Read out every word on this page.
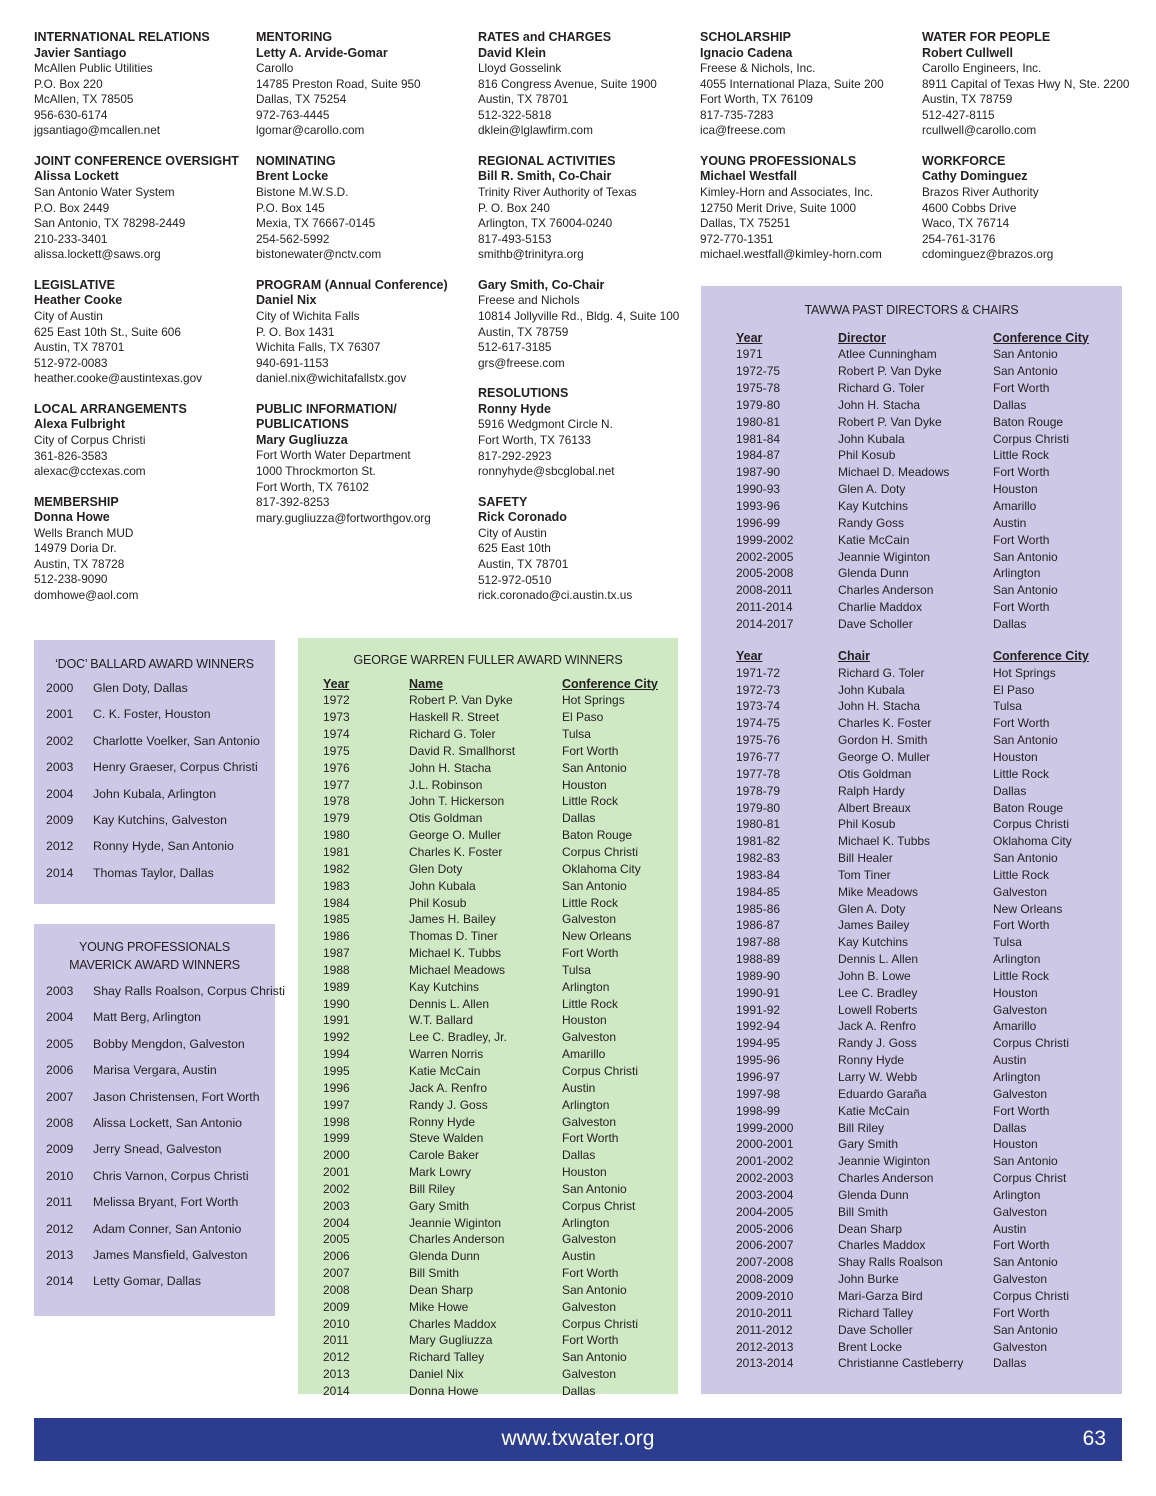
INTERNATIONAL RELATIONS
Javier Santiago
McAllen Public Utilities
P.O. Box 220
McAllen, TX 78505
956-630-6174
jgsantiago@mcallen.net
JOINT CONFERENCE OVERSIGHT
Alissa Lockett
San Antonio Water System
P.O. Box 2449
San Antonio, TX 78298-2449
210-233-3401
alissa.lockett@saws.org
LEGISLATIVE
Heather Cooke
City of Austin
625 East 10th St., Suite 606
Austin, TX 78701
512-972-0083
heather.cooke@austintexas.gov
LOCAL ARRANGEMENTS
Alexa Fulbright
City of Corpus Christi
361-826-3583
alexac@cctexas.com
MEMBERSHIP
Donna Howe
Wells Branch MUD
14979 Doria Dr.
Austin, TX 78728
512-238-9090
domhowe@aol.com
MENTORING
Letty A. Arvide-Gomar
Carollo
14785 Preston Road, Suite 950
Dallas, TX 75254
972-763-4445
lgomar@carollo.com
NOMINATING
Brent Locke
Bistone M.W.S.D.
P.O. Box 145
Mexia, TX 76667-0145
254-562-5992
bistonewater@nctv.com
PROGRAM (Annual Conference)
Daniel Nix
City of Wichita Falls
P. O. Box 1431
Wichita Falls, TX 76307
940-691-1153
daniel.nix@wichitafallstx.gov
PUBLIC INFORMATION/
PUBLICATIONS
Mary Gugliuzza
Fort Worth Water Department
1000 Throckmorton St.
Fort Worth, TX 76102
817-392-8253
mary.gugliuzza@fortworthgov.org
RATES and CHARGES
David Klein
Lloyd Gosselink
816 Congress Avenue, Suite 1900
Austin, TX 78701
512-322-5818
dklein@lglawfirm.com
REGIONAL ACTIVITIES
Bill R. Smith, Co-Chair
Trinity River Authority of Texas
P. O. Box 240
Arlington, TX 76004-0240
817-493-5153
smithb@trinityra.org
Gary Smith, Co-Chair
Freese and Nichols
10814 Jollyville Rd., Bldg. 4, Suite 100
Austin, TX 78759
512-617-3185
grs@freese.com
RESOLUTIONS
Ronny Hyde
5916 Wedgmont Circle N.
Fort Worth, TX 76133
817-292-2923
ronnyhyde@sbcglobal.net
SAFETY
Rick Coronado
City of Austin
625 East 10th
Austin, TX 78701
512-972-0510
rick.coronado@ci.austin.tx.us
SCHOLARSHIP
Ignacio Cadena
Freese & Nichols, Inc.
4055 International Plaza, Suite 200
Fort Worth, TX 76109
817-735-7283
ica@freese.com
YOUNG PROFESSIONALS
Michael Westfall
Kimley-Horn and Associates, Inc.
12750 Merit Drive, Suite 1000
Dallas, TX 75251
972-770-1351
michael.westfall@kimley-horn.com
WATER FOR PEOPLE
Robert Cullwell
Carollo Engineers, Inc.
8911 Capital of Texas Hwy N, Ste. 2200
Austin, TX 78759
512-427-8115
rcullwell@carollo.com
WORKFORCE
Cathy Dominguez
Brazos River Authority
4600 Cobbs Drive
Waco, TX 76714
254-761-3176
cdominguez@brazos.org
‘DOC’ BALLARD AWARD WINNERS
2000 Glen Doty, Dallas
2001 C. K. Foster, Houston
2002 Charlotte Voelker, San Antonio
2003 Henry Graeser, Corpus Christi
2004 John Kubala, Arlington
2009 Kay Kutchins, Galveston
2012 Ronny Hyde, San Antonio
2014 Thomas Taylor, Dallas
YOUNG PROFESSIONALS
MAVERICK AWARD WINNERS
2003 Shay Ralls Roalson, Corpus Christi
2004 Matt Berg, Arlington
2005 Bobby Mengdon, Galveston
2006 Marisa Vergara, Austin
2007 Jason Christensen, Fort Worth
2008 Alissa Lockett, San Antonio
2009 Jerry Snead, Galveston
2010 Chris Varnon, Corpus Christi
2011 Melissa Bryant, Fort Worth
2012 Adam Conner, San Antonio
2013 James Mansfield, Galveston
2014 Letty Gomar, Dallas
GEORGE WARREN FULLER AWARD WINNERS
Year	Name	Conference City
1972	Robert P. Van Dyke	Hot Springs
1973	Haskell R. Street	El Paso
1974	Richard G. Toler	Tulsa
1975	David R. Smallhorst	Fort Worth
1976	John H. Stacha	San Antonio
1977	J.L. Robinson	Houston
1978	John T. Hickerson	Little Rock
1979	Otis Goldman	Dallas
1980	George O. Muller	Baton Rouge
1981	Charles K. Foster	Corpus Christi
1982	Glen Doty	Oklahoma City
1983	John Kubala	San Antonio
1984	Phil Kosub	Little Rock
1985	James H. Bailey	Galveston
1986	Thomas D. Tiner	New Orleans
1987	Michael K. Tubbs	Fort Worth
1988	Michael Meadows	Tulsa
1989	Kay Kutchins	Arlington
1990	Dennis L. Allen	Little Rock
1991	W.T. Ballard	Houston
1992	Lee C. Bradley, Jr.	Galveston
1994	Warren Norris	Amarillo
1995	Katie McCain	Corpus Christi
1996	Jack A. Renfro	Austin
1997	Randy J. Goss	Arlington
1998	Ronny Hyde	Galveston
1999	Steve Walden	Fort Worth
2000	Carole Baker	Dallas
2001	Mark Lowry	Houston
2002	Bill Riley	San Antonio
2003	Gary Smith	Corpus Christ
2004	Jeannie Wiginton	Arlington
2005	Charles Anderson	Galveston
2006	Glenda Dunn	Austin
2007	Bill Smith	Fort Worth
2008	Dean Sharp	San Antonio
2009	Mike Howe	Galveston
2010	Charles Maddox	Corpus Christi
2011	Mary Gugliuzza	Fort Worth
2012	Richard Talley	San Antonio
2013	Daniel Nix	Galveston
2014	Donna Howe	Dallas
TAWWA PAST DIRECTORS & CHAIRS
Year	Director	Conference City
1971	Atlee Cunningham	San Antonio
1972-75	Robert P. Van Dyke	San Antonio
1975-78	Richard G. Toler	Fort Worth
1979-80	John H. Stacha	Dallas
1980-81	Robert P. Van Dyke	Baton Rouge
1981-84	John Kubala	Corpus Christi
1984-87	Phil Kosub	Little Rock
1987-90	Michael D. Meadows	Fort Worth
1990-93	Glen A. Doty	Houston
1993-96	Kay Kutchins	Amarillo
1996-99	Randy Goss	Austin
1999-2002	Katie McCain	Fort Worth
2002-2005	Jeannie Wiginton	San Antonio
2005-2008	Glenda Dunn	Arlington
2008-2011	Charles Anderson	San Antonio
2011-2014	Charlie Maddox	Fort Worth
2014-2017	Dave Scholler	Dallas
Year	Chair	Conference City
1971-72	Richard G. Toler	Hot Springs
1972-73	John Kubala	El Paso
1973-74	John H. Stacha	Tulsa
1974-75	Charles K. Foster	Fort Worth
1975-76	Gordon H. Smith	San Antonio
1976-77	George O. Muller	Houston
1977-78	Otis Goldman	Little Rock
1978-79	Ralph Hardy	Dallas
1979-80	Albert Breaux	Baton Rouge
1980-81	Phil Kosub	Corpus Christi
1981-82	Michael K. Tubbs	Oklahoma City
1982-83	Bill Healer	San Antonio
1983-84	Tom Tiner	Little Rock
1984-85	Mike Meadows	Galveston
1985-86	Glen A. Doty	New Orleans
1986-87	James Bailey	Fort Worth
1987-88	Kay Kutchins	Tulsa
1988-89	Dennis L. Allen	Arlington
1989-90	John B. Lowe	Little Rock
1990-91	Lee C. Bradley	Houston
1991-92	Lowell Roberts	Galveston
1992-94	Jack A. Renfro	Amarillo
1994-95	Randy J. Goss	Corpus Christi
1995-96	Ronny Hyde	Austin
1996-97	Larry W. Webb	Arlington
1997-98	Eduardo Garaña	Galveston
1998-99	Katie McCain	Fort Worth
1999-2000	Bill Riley	Dallas
2000-2001	Gary Smith	Houston
2001-2002	Jeannie Wiginton	San Antonio
2002-2003	Charles Anderson	Corpus Christ
2003-2004	Glenda Dunn	Arlington
2004-2005	Bill Smith	Galveston
2005-2006	Dean Sharp	Austin
2006-2007	Charles Maddox	Fort Worth
2007-2008	Shay Ralls Roalson	San Antonio
2008-2009	John Burke	Galveston
2009-2010	Mari-Garza Bird	Corpus Christi
2010-2011	Richard Talley	Fort Worth
2011-2012	Dave Scholler	San Antonio
2012-2013	Brent Locke	Galveston
2013-2014	Christianne Castleberry	Dallas
www.txwater.org	63
